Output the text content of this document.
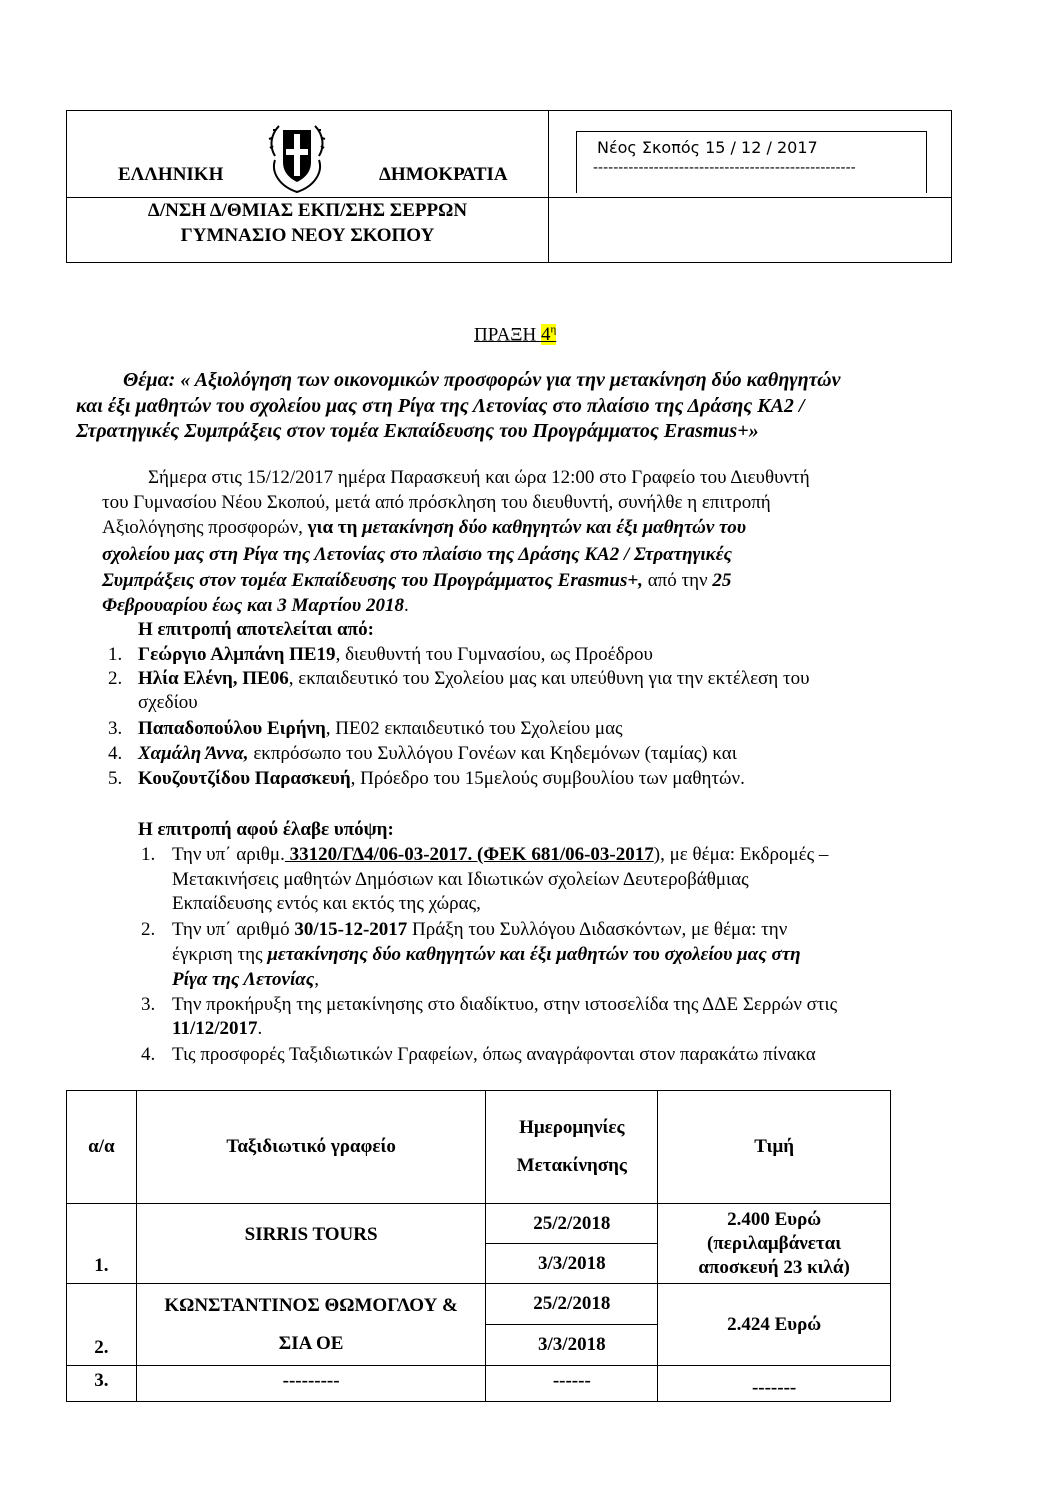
ΕΛΛΗΝΙΚΗ	ΔΗΜΟΚΡΑΤΙΑ
Νέος Σκοπός 15 / 12 / 2017
----------------------------------------------------
Δ/ΝΣΗ Δ/ΘΜΙΑΣ ΕΚΠ/ΣΗΣ ΣΕΡΡΩΝ
ΓΥΜΝΑΣΙΟ ΝΕΟΥ ΣΚΟΠΟΥ
ΠΡΑΞΗ $4^\eta$
Θέμα: « Αξιολόγηση των οικονομικών προσφορών για την μετακίνηση δύο καθηγητών
και έξι μαθητών του σχολείου μας στη Ρίγα της Λετονίας στο πλαίσιο της Δράσης ΚΑ2 /
Στρατηγικές Συμπράξεις στον τομέα Εκπαίδευσης του Προγράμματος Erasmus+»
Σήμερα στις 15/12/2017 ημέρα Παρασκευή και ώρα 12:00 στο Γραφείο του Διευθυντή
του Γυμνασίου Νέου Σκοπού, μετά από πρόσκληση του διευθυντή, συνήλθε η επιτροπή
Αξιολόγησης προσφορών, για τη μετακίνηση δύο καθηγητών και έξι μαθητών του
σχολείου μας στη Ρίγα της Λετονίας στο πλαίσιο της Δράσης ΚΑ2 / Στρατηγικές
Συμπράξεις στον τομέα Εκπαίδευσης του Προγράμματος Erasmus+, από την 25
Φεβρουαρίου έως και 3 Μαρτίου 2018.
Η επιτροπή αποτελείται από:
1. Γεώργιο Αλμπάνη ΠΕ19, διευθυντή του Γυμνασίου, ως Προέδρου
2. Ηλία Ελένη, ΠΕ06, εκπαιδευτικό του Σχολείου μας και υπεύθυνη για την εκτέλεση του
σχεδίου
3. Παπαδοπούλου Ειρήνη, ΠΕ02 εκπαιδευτικό του Σχολείου μας
4. Χαμάλη Άννα, εκπρόσωπο του Συλλόγου Γονέων και Κηδεμόνων (ταμίας) και
5. Κουζουτζίδου Παρασκευή, Πρόεδρο του 15μελούς συμβουλίου των μαθητών.
Η επιτροπή αφού έλαβε υπόψη:
1. Την υπ΄ αριθμ. 33120/ΓΔ4/06-03-2017. (ΦΕΚ 681/06-03-2017), με θέμα: Εκδρομές –
Μετακινήσεις μαθητών Δημόσιων και Ιδιωτικών σχολείων Δευτεροβάθμιας
Εκπαίδευσης εντός και εκτός της χώρας,
2. Την υπ΄ αριθμό 30/15-12-2017 Πράξη του Συλλόγου Διδασκόντων, με θέμα: την
έγκριση της μετακίνησης δύο καθηγητών και έξι μαθητών του σχολείου μας στη
Ρίγα της Λετονίας,
3. Την προκήρυξη της μετακίνησης στο διαδίκτυο, στην ιστοσελίδα της ΔΔΕ Σερρών στις
11/12/2017.
4. Τις προσφορές Ταξιδιωτικών Γραφείων, όπως αναγράφονται στον παρακάτω πίνακα
α/α	Ταξιδιωτικό γραφείο	Ημερομηνίες
Μετακίνησης	Τιμή
1.	SIRRIS TOURS	25/2/2018	2.400 Ευρώ
(περιλαμβάνεται
αποσκευή 23 κιλά)
		3/3/2018	
2.	ΚΩΝΣΤΑΝΤΙΝΟΣ ΘΩΜΟΓΛΟΥ &
ΣΙΑ ΟΕ	25/2/2018	2.424 Ευρώ
		3/3/2018	
3.	---------	------	-------
